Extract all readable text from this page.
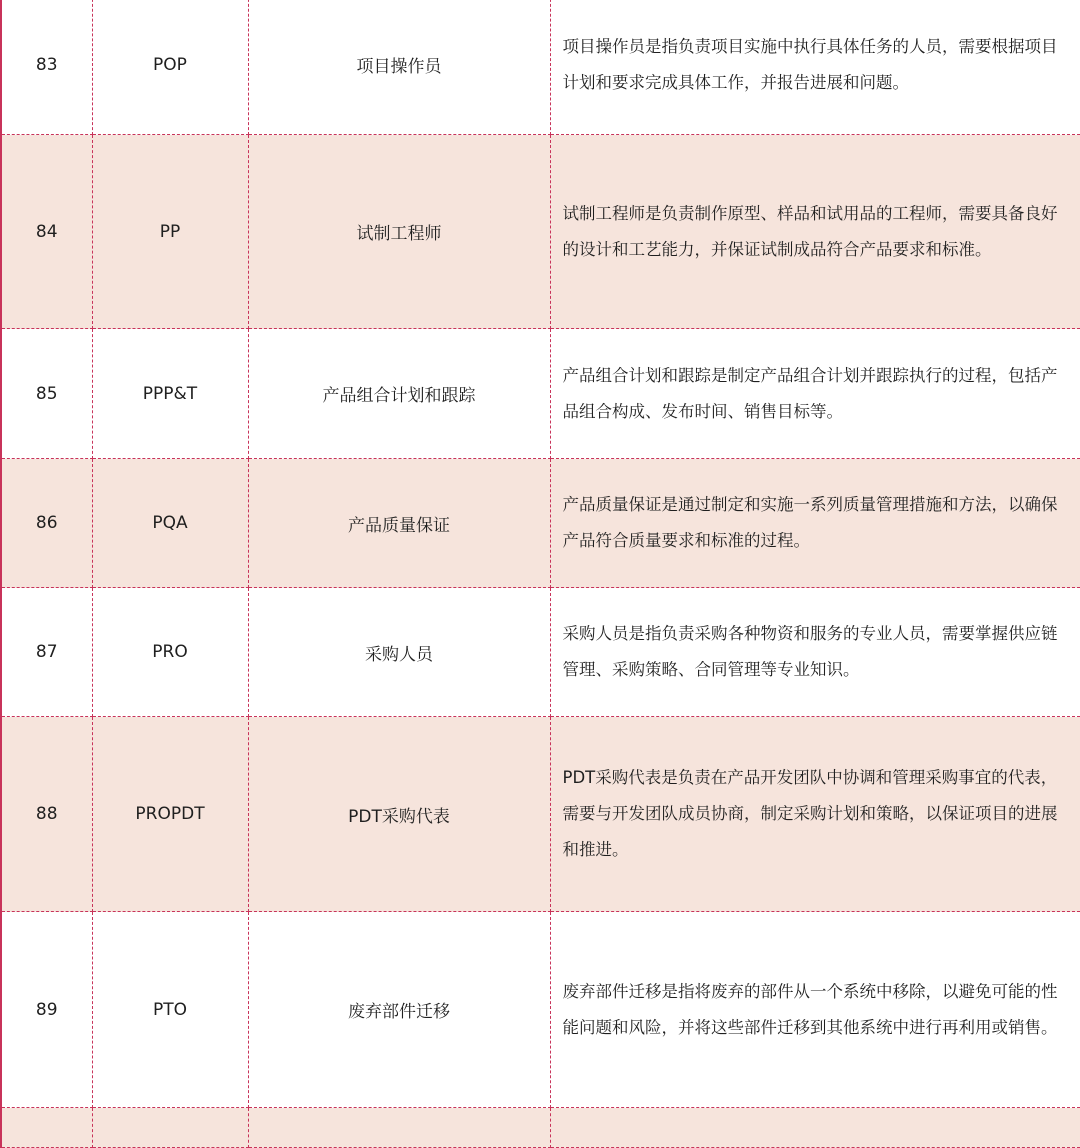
83	POP	项目操作员	项目操作员是指负责项目实施中执行具体任务的人员，需要根据项目计划和要求完成具体工作，并报告进展和问题。
84	PP	试制工程师	试制工程师是负责制作原型、样品和试用品的工程师，需要具备良好的设计和工艺能力，并保证试制成品符合产品要求和标准。
85	PPP&T	产品组合计划和跟踪	产品组合计划和跟踪是制定产品组合计划并跟踪执行的过程，包括产品组合构成、发布时间、销售目标等。
86	PQA	产品质量保证	产品质量保证是通过制定和实施一系列质量管理措施和方法，以确保产品符合质量要求和标准的过程。
87	PRO	采购人员	采购人员是指负责采购各种物资和服务的专业人员，需要掌握供应链管理、采购策略、合同管理等专业知识。
88	PROPDT	PDT采购代表	PDT采购代表是负责在产品开发团队中协调和管理采购事宜的代表，需要与开发团队成员协商，制定采购计划和策略，以保证项目的进展和推进。
89	PTO	废弃部件迁移	废弃部件迁移是指将废弃的部件从一个系统中移除，以避免可能的性能问题和风险，并将这些部件迁移到其他系统中进行再利用或销售。
